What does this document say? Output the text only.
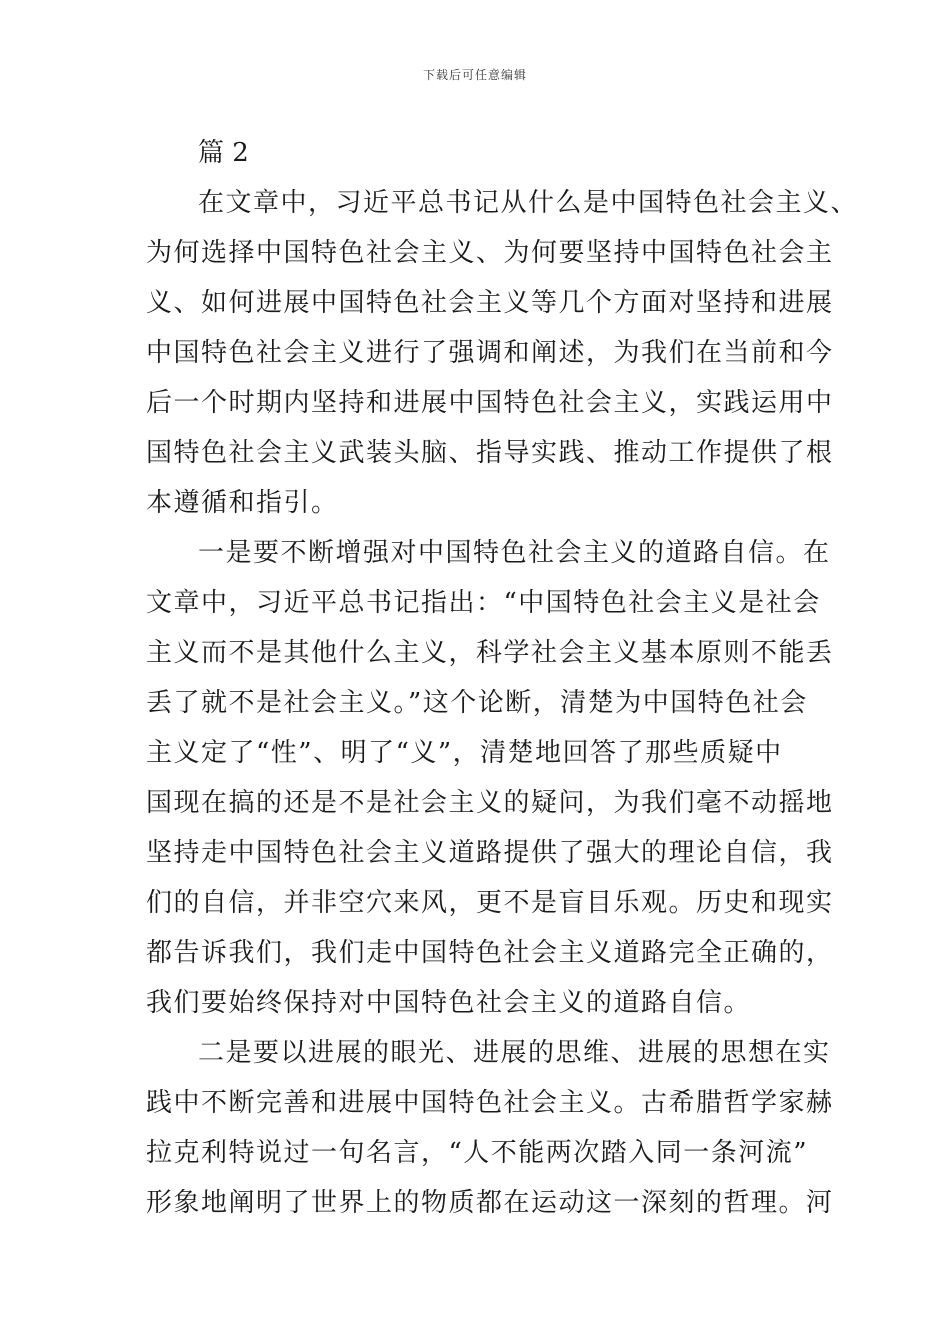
下载后可任意编辑
篇 2
在文章中，习近平总书记从什么是中国特色社会主义、
为何选择中国特色社会主义、为何要坚持中国特色社会主
义、如何进展中国特色社会主义等几个方面对坚持和进展
中国特色社会主义进行了强调和阐述，为我们在当前和今
后一个时期内坚持和进展中国特色社会主义，实践运用中
国特色社会主义武装头脑、指导实践、推动工作提供了根
本遵循和指引。
一是要不断增强对中国特色社会主义的道路自信。在
文章中，习近平总书记指出：“中国特色社会主义是社会
主义而不是其他什么主义，科学社会主义基本原则不能丢
丢了就不是社会主义。”这个论断，清楚为中国特色社会
主义定了“性”、明了“义”，清楚地回答了那些质疑中
国现在搞的还是不是社会主义的疑问，为我们毫不动摇地
坚持走中国特色社会主义道路提供了强大的理论自信，我
们的自信，并非空穴来风，更不是盲目乐观。历史和现实
都告诉我们，我们走中国特色社会主义道路完全正确的，
我们要始终保持对中国特色社会主义的道路自信。
二是要以进展的眼光、进展的思维、进展的思想在实
践中不断完善和进展中国特色社会主义。古希腊哲学家赫
拉克利特说过一句名言，“人不能两次踏入同一条河流”
形象地阐明了世界上的物质都在运动这一深刻的哲理。河
